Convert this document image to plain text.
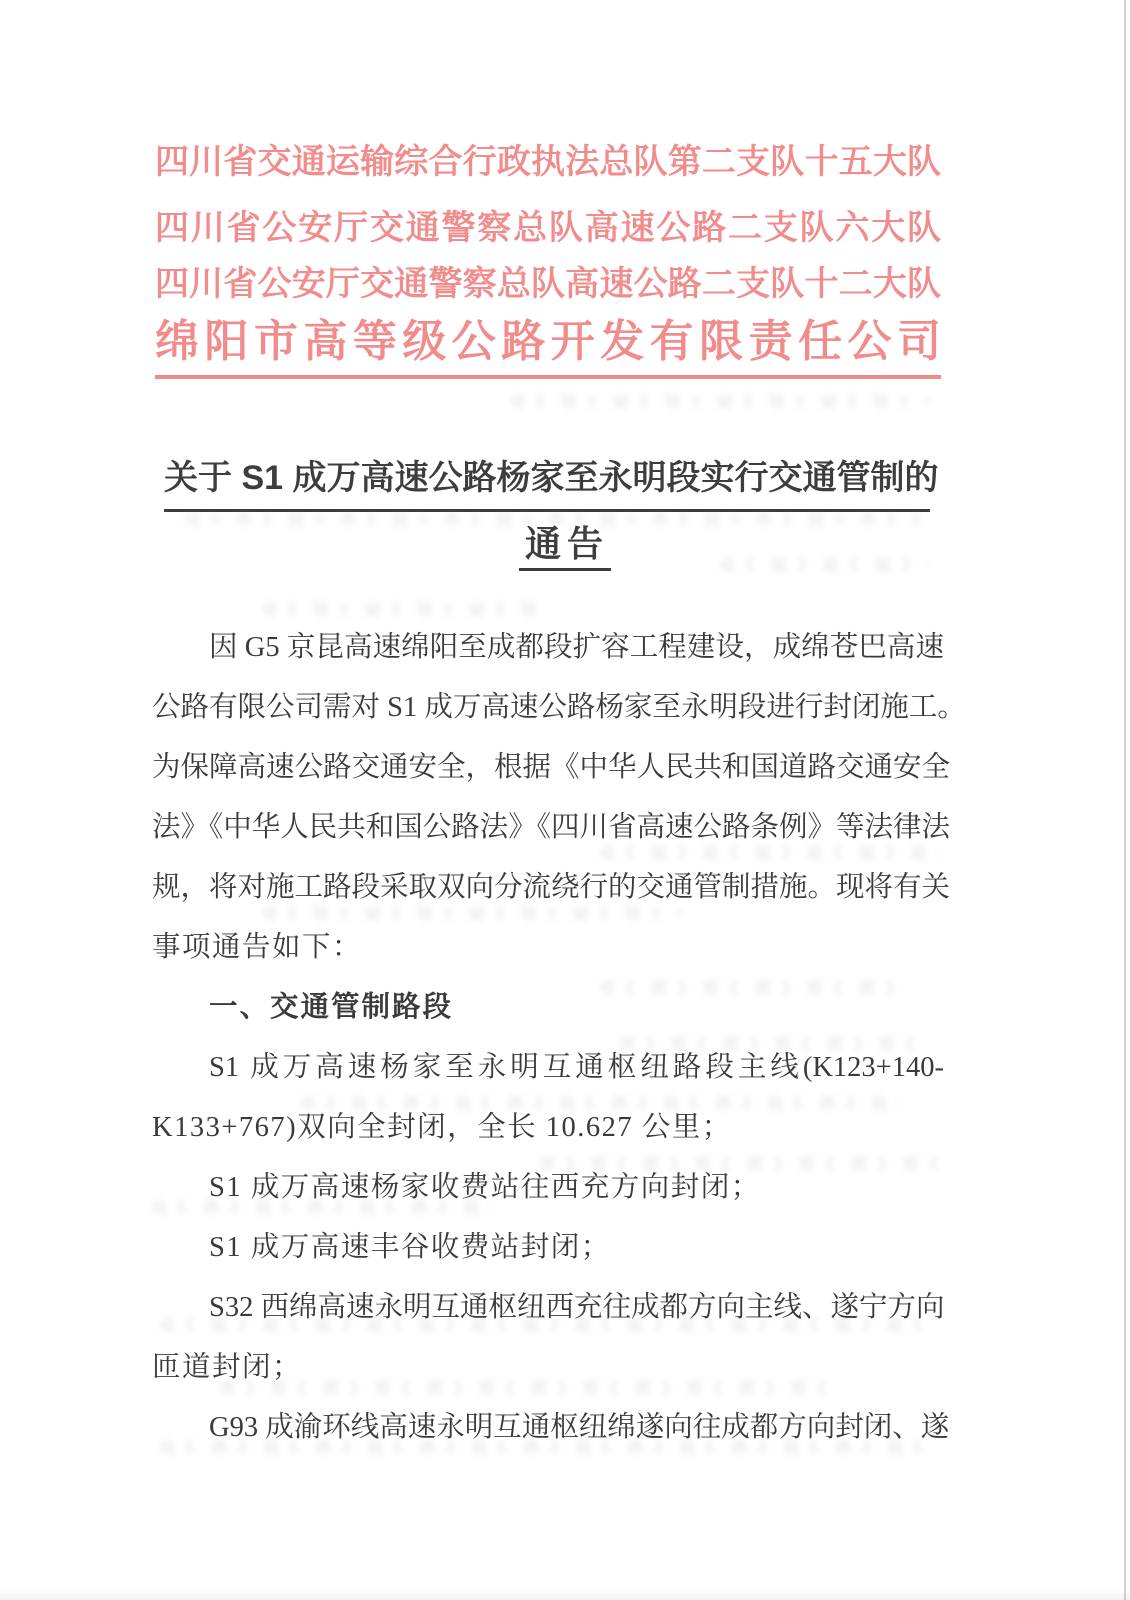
四川省交通运输综合行政执法总队第二支队十五大队
四川省公安厅交通警察总队高速公路二支队六大队
四川省公安厅交通警察总队高速公路二支队十二大队
绵阳市高等级公路开发有限责任公司
关于 S1 成万高速公路杨家至永明段实行交通管制的
通告
因 G5 京昆高速绵阳至成都段扩容工程建设，成绵苍巴高速
公路有限公司需对 S1 成万高速公路杨家至永明段进行封闭施工。
为保障高速公路交通安全，根据《中华人民共和国道路交通安全
法》《中华人民共和国公路法》《四川省高速公路条例》等法律法
规，将对施工路段采取双向分流绕行的交通管制措施。现将有关
事项通告如下：
一、交通管制路段
S1 成万高速杨家至永明互通枢纽路段主线(K123+140-
K133+767)双向全封闭，全长 10.627 公里；
S1 成万高速杨家收费站往西充方向封闭；
S1 成万高速丰谷收费站封闭；
S32 西绵高速永明互通枢纽西充往成都方向主线、遂宁方向
匝道封闭；
G93 成渝环线高速永明互通枢纽绵遂向往成都方向封闭、遂
